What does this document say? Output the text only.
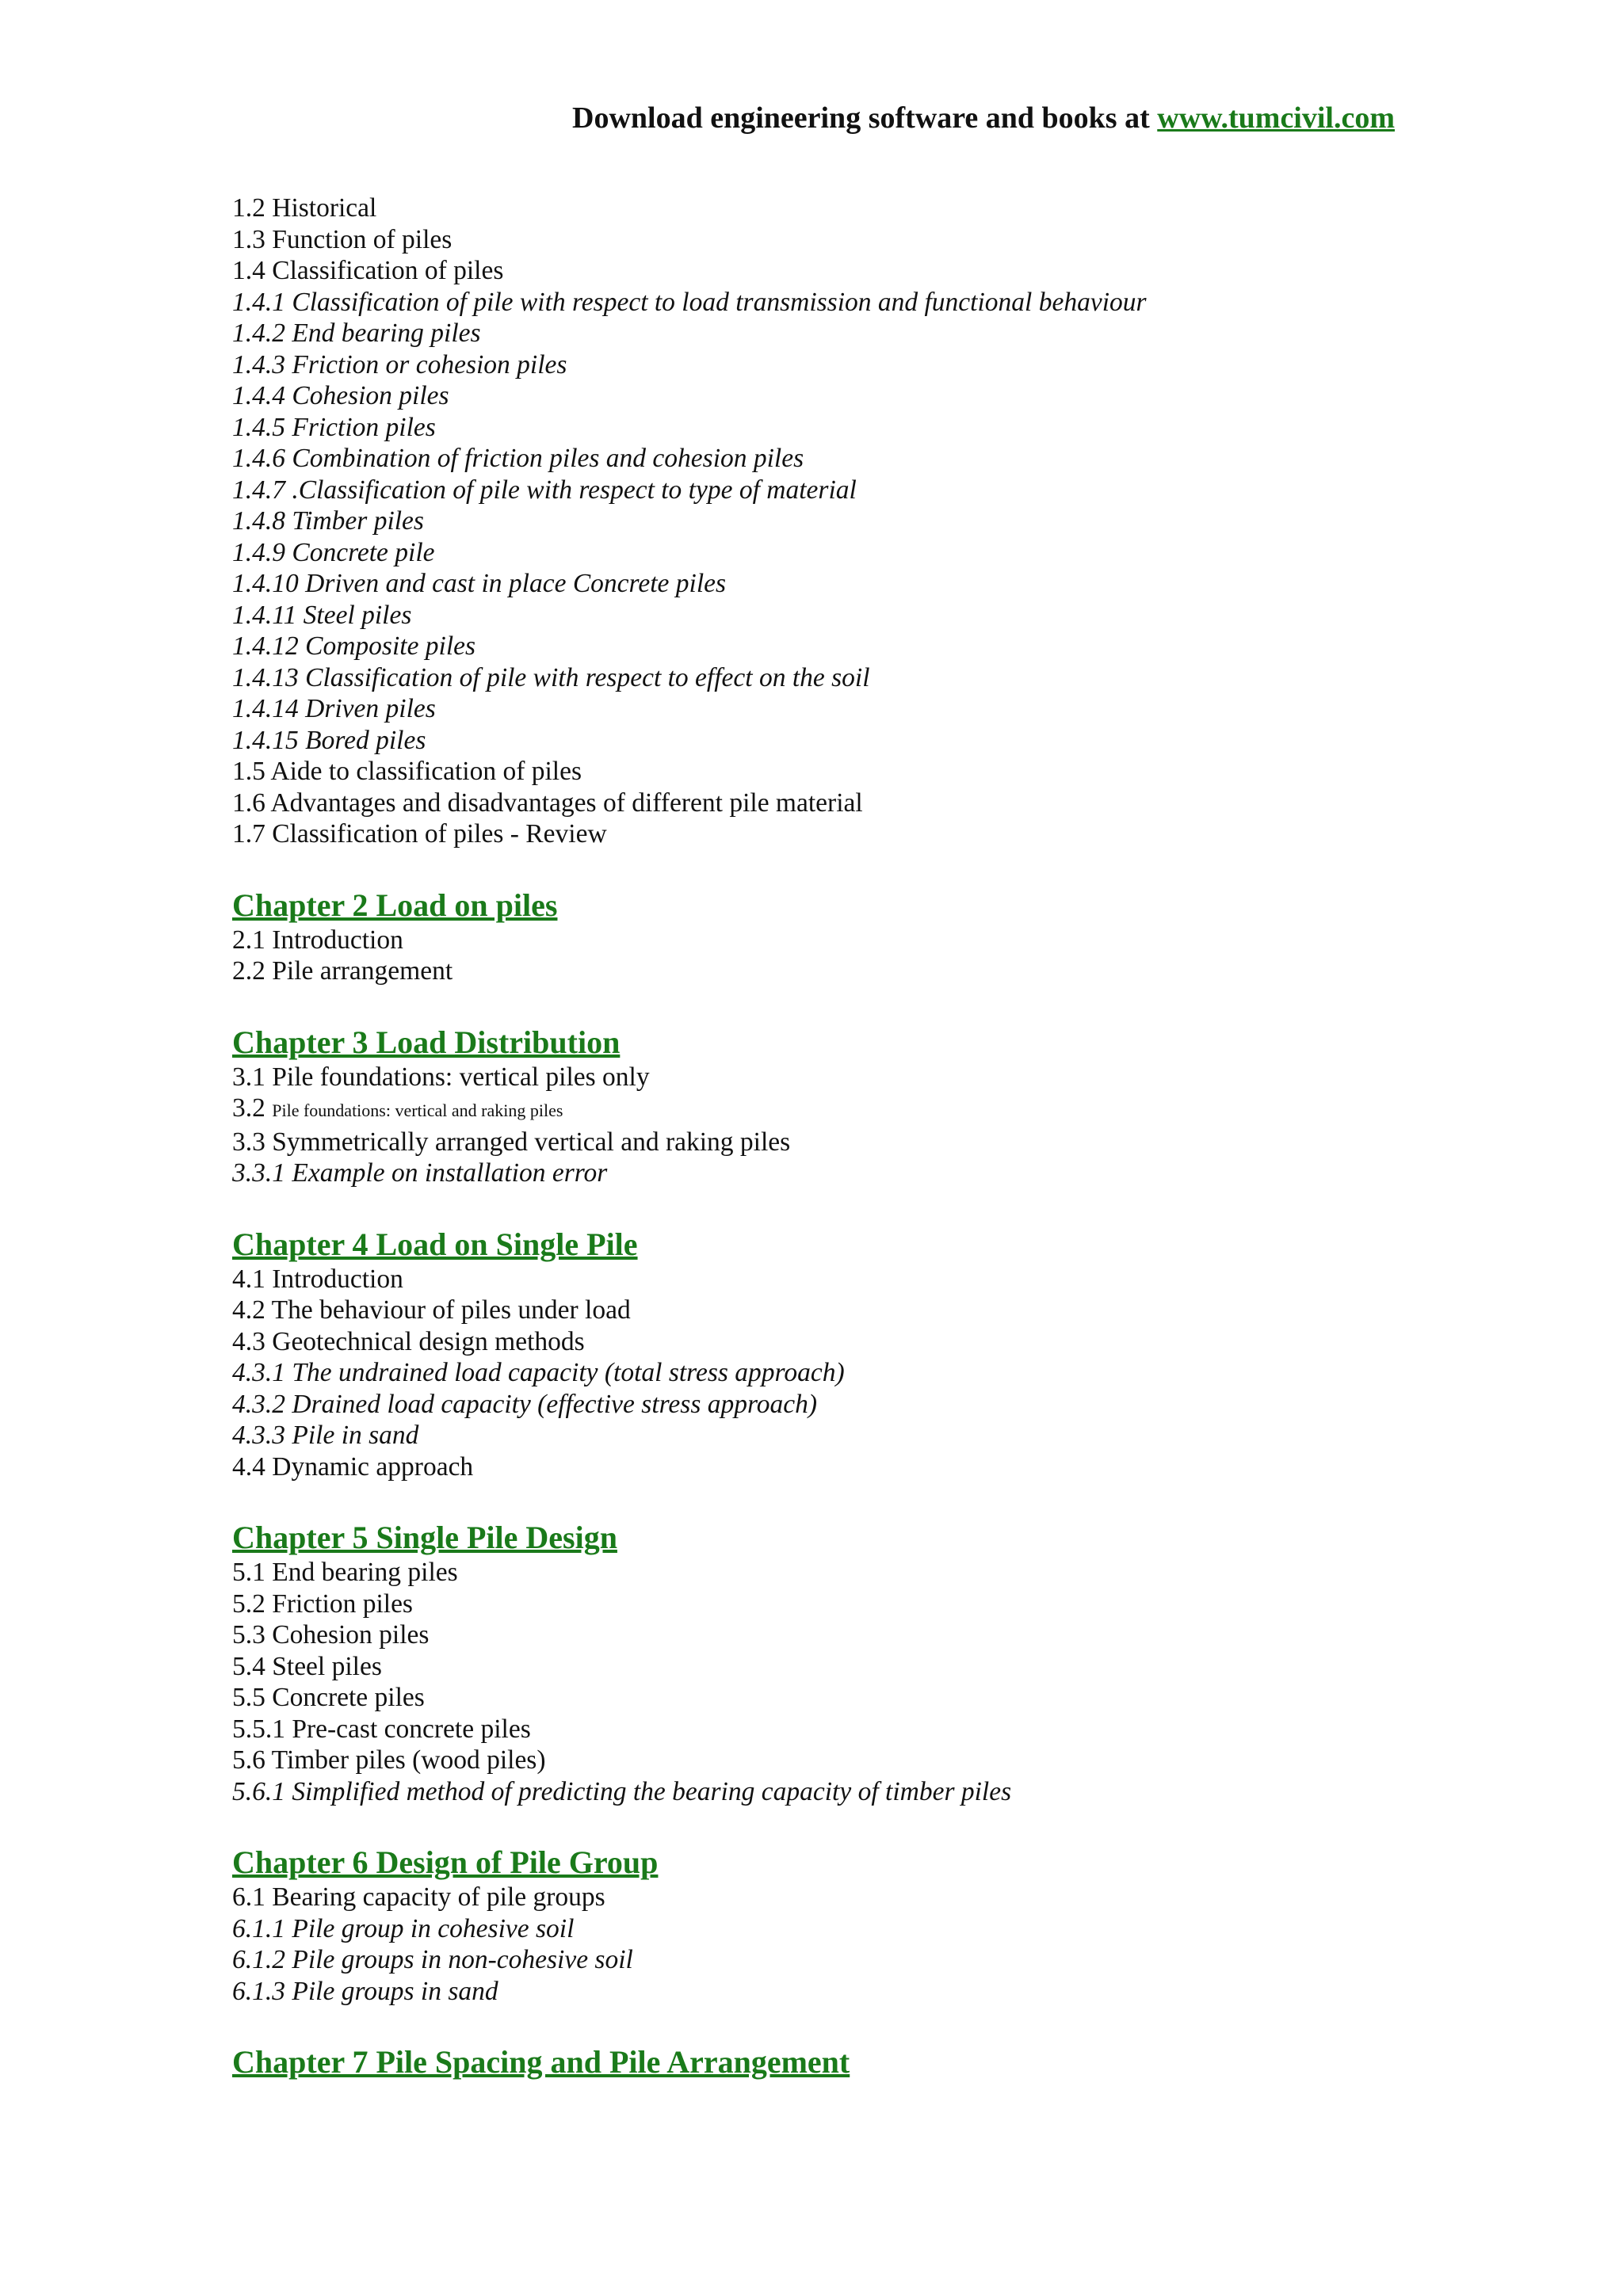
Download engineering software and books at www.tumcivil.com
1.2 Historical
1.3 Function of piles
1.4 Classification of piles
1.4.1 Classification of pile with respect to load transmission and functional behaviour
1.4.2 End bearing piles
1.4.3 Friction or cohesion piles
1.4.4 Cohesion piles
1.4.5 Friction piles
1.4.6 Combination of friction piles and cohesion piles
1.4.7 .Classification of pile with respect to type of material
1.4.8 Timber piles
1.4.9 Concrete pile
1.4.10 Driven and cast in place Concrete piles
1.4.11 Steel piles
1.4.12 Composite piles
1.4.13 Classification of pile with respect to effect on the soil
1.4.14 Driven piles
1.4.15 Bored piles
1.5 Aide to classification of piles
1.6 Advantages and disadvantages of different pile material
1.7 Classification of piles - Review
Chapter 2 Load on piles
2.1 Introduction
2.2 Pile arrangement
Chapter 3 Load Distribution
3.1 Pile foundations: vertical piles only
3.2 Pile foundations: vertical and raking piles
3.3 Symmetrically arranged vertical and raking piles
3.3.1 Example on installation error
Chapter 4 Load on Single Pile
4.1 Introduction
4.2 The behaviour of piles under load
4.3 Geotechnical design methods
4.3.1 The undrained load capacity (total stress approach)
4.3.2 Drained load capacity (effective stress approach)
4.3.3 Pile in sand
4.4 Dynamic approach
Chapter 5 Single Pile Design
5.1 End bearing piles
5.2 Friction piles
5.3 Cohesion piles
5.4 Steel piles
5.5 Concrete piles
5.5.1 Pre-cast concrete piles
5.6 Timber piles (wood piles)
5.6.1 Simplified method of predicting the bearing capacity of timber piles
Chapter 6 Design of Pile Group
6.1 Bearing capacity of pile groups
6.1.1 Pile group in cohesive soil
6.1.2 Pile groups in non-cohesive soil
6.1.3 Pile groups in sand
Chapter 7 Pile Spacing and Pile Arrangement
